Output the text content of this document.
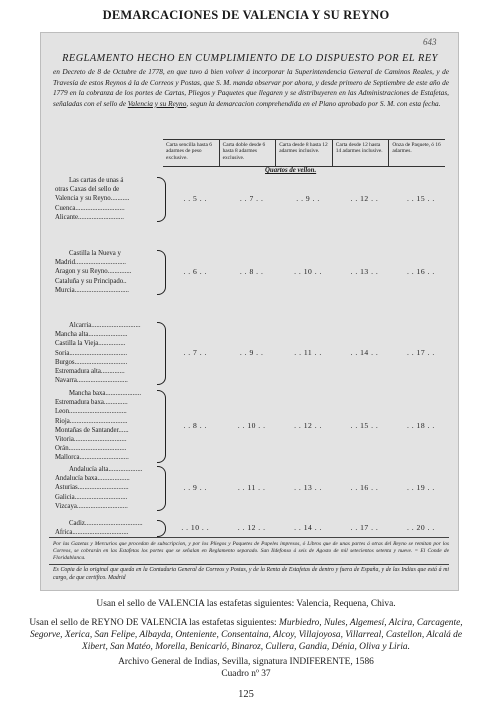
DEMARCACIONES DE VALENCIA Y SU REYNO
643
REGLAMENTO HECHO EN CUMPLIMIENTO DE LO DISPUESTO POR EL REY
en Decreto de 8 de Octubre de 1778, en que tuvo á bien volver á incorporar la Superintendencia General de Caminos Reales, y de Travesía de estos Reynos á la de Correos y Postas, que S. M. manda observar por ahora, y desde primero de Septiembre de este año de 1779 en la cobranza de los portes de Cartas, Pliegos y Paquetes que llegaren y se distribuyeren en las Administraciones de Estafetas, señaladas con el sello de Valencia y su Reyno, segun la demarcacion comprehendida en el Plano aprobado por S. M. con esta fecha.
Carta sencilla hasta 6 adarmes de peso exclusive.
Carta doble desde 6 hasta 8 adarmes exclusive.
Carta desde 8 hasta 12 adarmes inclusive.
Carta desde 12 hasta 14 adarmes inclusive.
Onza de Paquete, ó 16 adarmes.
Quartos de vellon.
Las cartas de unas á
otras Caxas del sello de
Valencia y su Reyno...........
Cuenca.............................
Alicante...........................
. . 5 . .	. . 7 . .	. . 9 . .	. . 12 . .	. . 15 . .
Castilla la Nueva y
Madrid..............................
Aragon y su Reyno..............
Cataluña y su Principado..
Murcia................................
. . 6 . .	. . 8 . .	. . 10 . .	. . 13 . .	. . 16 . .
Alcarria.............................
Mancha alta.......................
Castilla la Vieja................
Soria..................................
Burgos...............................
Estremadura alta..............
Navarra..............................
. . 7 . .	. . 9 . .	. . 11 . .	. . 14 . .	. . 17 . .
Mancha baxa.....................
Estremadura baxa..............
Leon..................................
Rioja..................................
Montañas de Santander......
Vitoria...............................
Orán..................................
Mallorca.............................
. . 8 . .	. . 10 . .	. . 12 . .	. . 15 . .	. . 18 . .
Andalucía alta....................
Andalucía baxa...................
Asturias..............................
Galicia...............................
Vizcaya..............................
. . 9 . .	. . 11 . .	. . 13 . .	. . 16 . .	. . 19 . .
Cadiz..................................
Africa.................................
. . 10 . .	. . 12 . .	. . 14 . .	. . 17 . .	. . 20 . .
Por las Gazetas y Mercurios que procedan de subscripcion, y por los Pliegos y Paquetes de Papeles impresos, ó Libros que de unas partes á otras del Reyno se remitan por los Correos, se cobrarán en las Estafetas los portes que se señalan en Reglamento separado. San Ildefonso á seis de Agosto de mil setecientos setenta y nueve. = El Conde de Floridablanca.
Es Copia de la original que queda en la Contaduria General de Correos y Postas, y de la Renta de Estafetas de dentro y fuera de España, y de las Indias que está á mi cargo, de que certifico. Madrid
Usan el sello de VALENCIA las estafetas siguientes: Valencia, Requena, Chiva.
Usan el sello de REYNO DE VALENCIA las estafetas siguientes: Murbiedro, Nules, Algemesí, Alcira, Carcagente, Segorve, Xerica, San Felipe, Albayda, Onteniente, Consentaina, Alcoy, Villajoyosa, Villarreal, Castellon, Alcalá de Xibert, San Matéo, Morella, Benicarló, Binaroz, Cullera, Gandia, Dénia, Oliva y Liria.
Archivo General de Indias, Sevilla, signatura INDIFERENTE, 1586
Cuadro nº 37
125
